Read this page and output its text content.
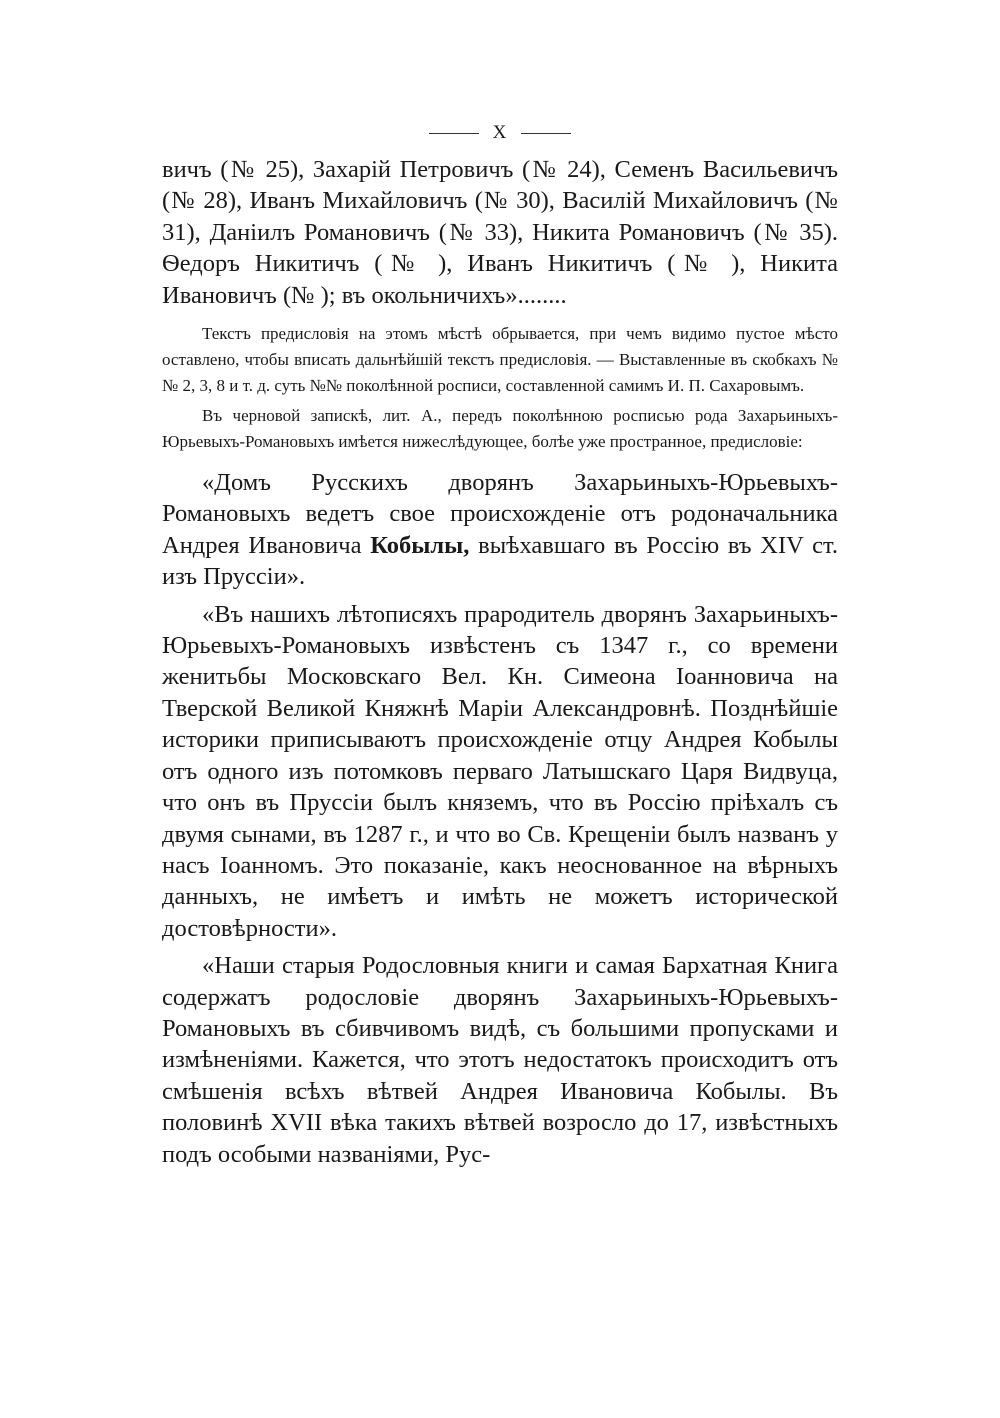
X

вичъ (№ 25), Захарій Петровичъ (№ 24), Семенъ Васильевичъ (№ 28), Иванъ Михайловичъ (№ 30), Василій Михайловичъ (№ 31), Даніилъ Романовичъ (№ 33), Никита Романовичъ (№ 35). Ѳедоръ Никитичъ (№ ), Иванъ Никитичъ (№ ), Никита Ивановичъ (№ ); въ окольничихъ»........

Текстъ предисловія на этомъ мѣстѣ обрывается, при чемъ видимо пустое мѣсто оставлено, чтобы вписать дальнѣйшій текстъ предисловія. — Выставленные въ скобкахъ №№ 2, 3, 8 и т. д. суть №№ поколѣнной росписи, составленной самимъ И. П. Сахаровымъ.

Въ черновой запискѣ, лит. А., передъ поколѣнною росписью рода Захарьиныхъ-Юрьевыхъ-Романовыхъ имѣется нижеслѣдующее, болѣе уже пространное, предисловіе:

«Домъ Русскихъ дворянъ Захарьиныхъ-Юрьевыхъ-Романовыхъ ведетъ свое происхожденіе отъ родоначальника Андрея Ивановича Кобылы, выѣхавшаго въ Россію въ XIV ст. изъ Пруссіи».

«Въ нашихъ лѣтописяхъ прародитель дворянъ Захарьиныхъ-Юрьевыхъ-Романовыхъ извѣстенъ съ 1347 г., со времени женитьбы Московскаго Вел. Кн. Симеона Іоанновича на Тверской Великой Княжнѣ Маріи Александровнѣ. Позднѣйшіе историки приписываютъ происхожденіе отцу Андрея Кобылы отъ одного изъ потомковъ перваго Латышскаго Царя Видвуца, что онъ въ Пруссіи былъ княземъ, что въ Россію пріѣхалъ съ двумя сынами, въ 1287 г., и что во Св. Крещеніи былъ названъ у насъ Іоанномъ. Это показаніе, какъ неоснованное на вѣрныхъ данныхъ, не имѣетъ и имѣть не можетъ исторической достовѣрности».

«Наши старыя Родословныя книги и самая Бархатная Книга содержатъ родословіе дворянъ Захарьиныхъ-Юрьевыхъ-Романовыхъ въ сбивчивомъ видѣ, съ большими пропусками и измѣненіями. Кажется, что этотъ недостатокъ происходитъ отъ смѣшенія всѣхъ вѣтвей Андрея Ивановича Кобылы. Въ половинѣ XVII вѣка такихъ вѣтвей возросло до 17, извѣстныхъ подъ особыми названіями, Рус-
